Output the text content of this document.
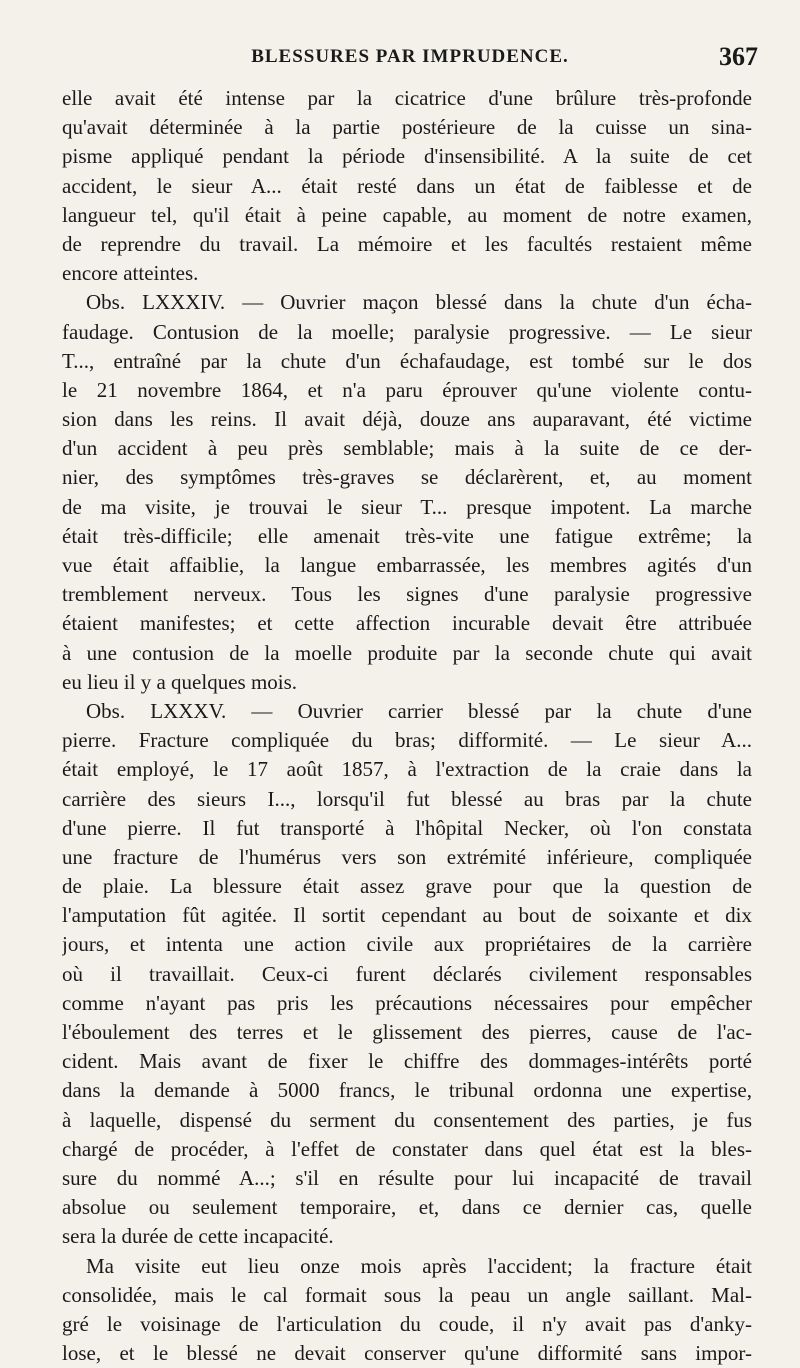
BLESSURES PAR IMPRUDENCE.	367
elle avait été intense par la cicatrice d'une brûlure très-profonde
qu'avait déterminée à la partie postérieure de la cuisse un sina-
pisme appliqué pendant la période d'insensibilité. A la suite de cet
accident, le sieur A... était resté dans un état de faiblesse et de
langueur tel, qu'il était à peine capable, au moment de notre examen,
de reprendre du travail. La mémoire et les facultés restaient même
encore atteintes.
Obs. LXXXIV. — Ouvrier maçon blessé dans la chute d'un écha-
faudage. Contusion de la moelle; paralysie progressive. — Le sieur
T..., entraîné par la chute d'un échafaudage, est tombé sur le dos
le 21 novembre 1864, et n'a paru éprouver qu'une violente contu-
sion dans les reins. Il avait déjà, douze ans auparavant, été victime
d'un accident à peu près semblable; mais à la suite de ce der-
nier, des symptômes très-graves se déclarèrent, et, au moment
de ma visite, je trouvai le sieur T... presque impotent. La marche
était très-difficile; elle amenait très-vite une fatigue extrême; la
vue était affaiblie, la langue embarrassée, les membres agités d'un
tremblement nerveux. Tous les signes d'une paralysie progressive
étaient manifestes; et cette affection incurable devait être attribuée
à une contusion de la moelle produite par la seconde chute qui avait
eu lieu il y a quelques mois.
Obs. LXXXV. — Ouvrier carrier blessé par la chute d'une
pierre. Fracture compliquée du bras; difformité. — Le sieur A...
était employé, le 17 août 1857, à l'extraction de la craie dans la
carrière des sieurs I..., lorsqu'il fut blessé au bras par la chute
d'une pierre. Il fut transporté à l'hôpital Necker, où l'on constata
une fracture de l'humérus vers son extrémité inférieure, compliquée
de plaie. La blessure était assez grave pour que la question de
l'amputation fût agitée. Il sortit cependant au bout de soixante et dix
jours, et intenta une action civile aux propriétaires de la carrière
où il travaillait. Ceux-ci furent déclarés civilement responsables
comme n'ayant pas pris les précautions nécessaires pour empêcher
l'éboulement des terres et le glissement des pierres, cause de l'ac-
cident. Mais avant de fixer le chiffre des dommages-intérêts porté
dans la demande à 5000 francs, le tribunal ordonna une expertise,
à laquelle, dispensé du serment du consentement des parties, je fus
chargé de procéder, à l'effet de constater dans quel état est la bles-
sure du nommé A...; s'il en résulte pour lui incapacité de travail
absolue ou seulement temporaire, et, dans ce dernier cas, quelle
sera la durée de cette incapacité.
Ma visite eut lieu onze mois après l'accident; la fracture était
consolidée, mais le cal formait sous la peau un angle saillant. Mal-
gré le voisinage de l'articulation du coude, il n'y avait pas d'anky-
lose, et le blessé ne devait conserver qu'une difformité sans impor-
